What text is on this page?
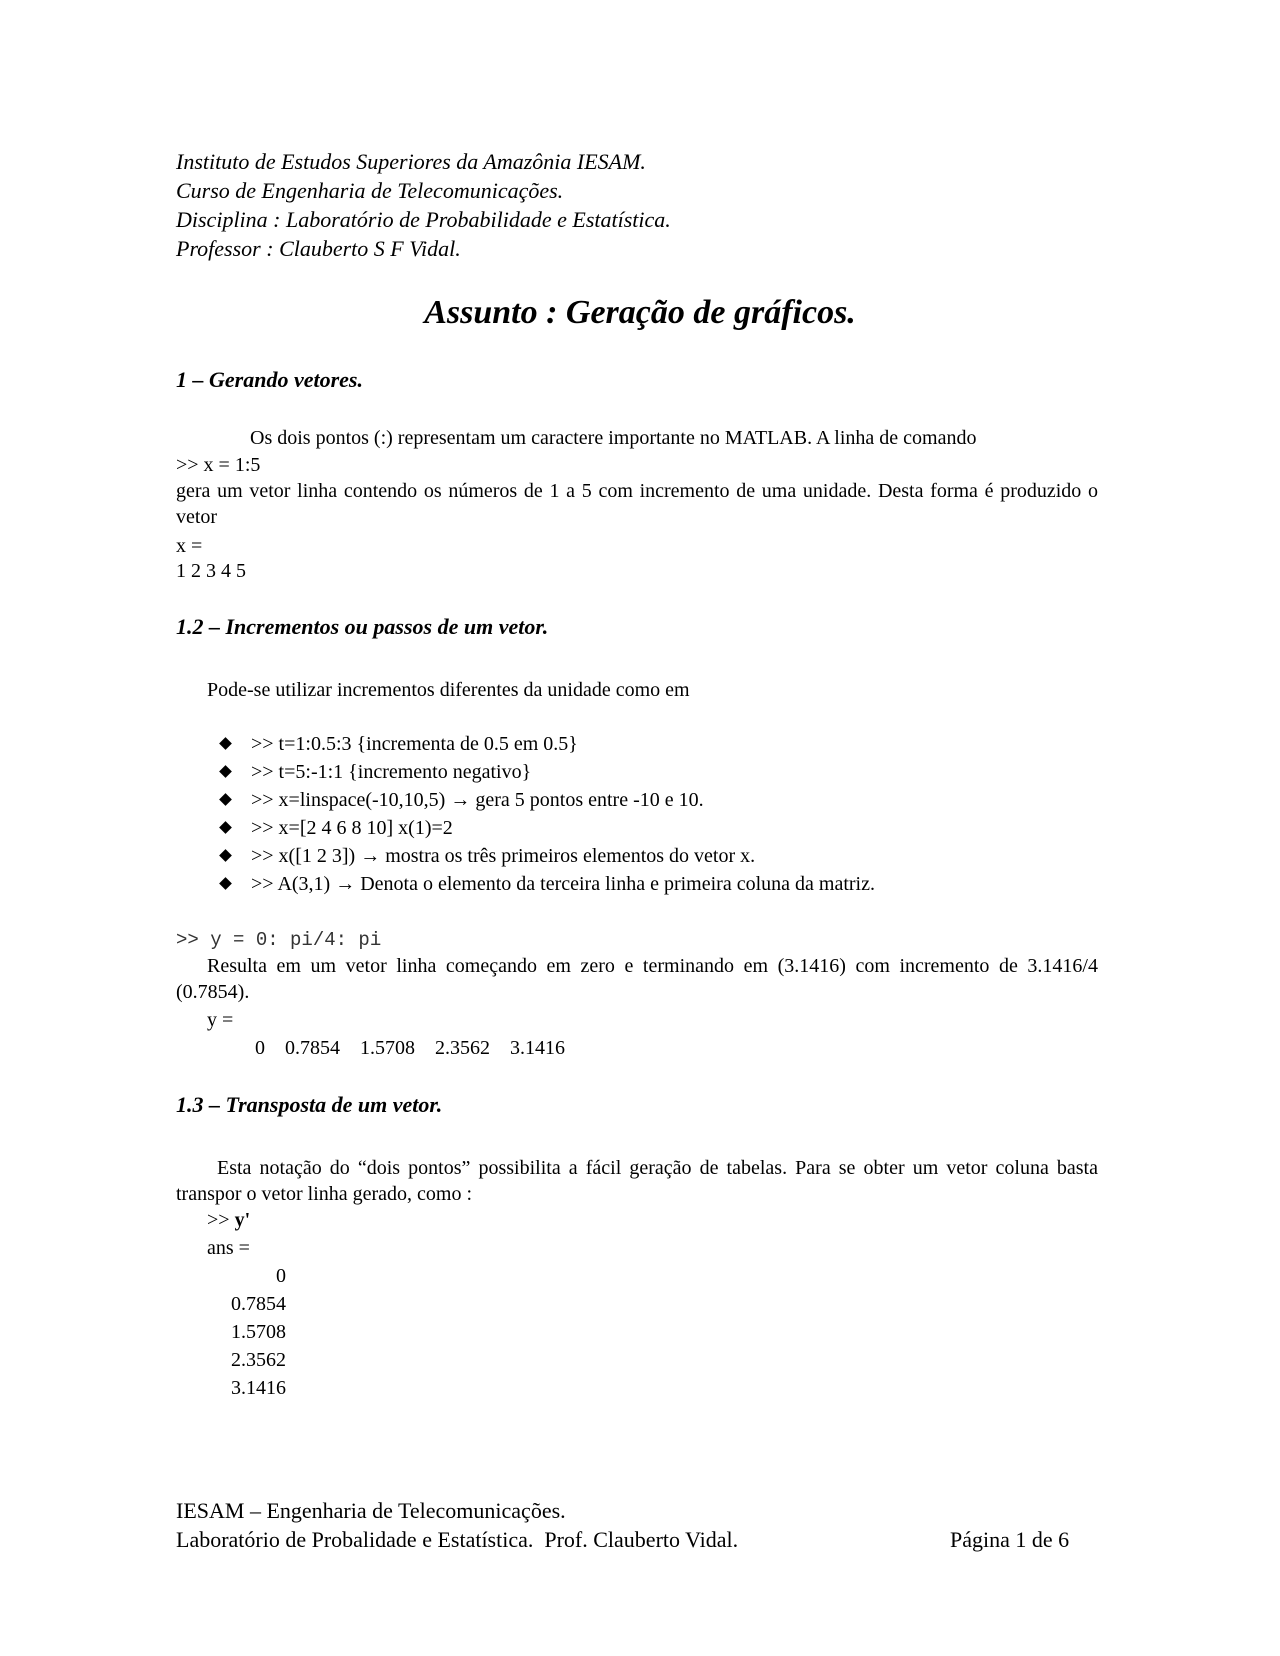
Instituto de Estudos Superiores da Amazônia IESAM.
Curso de Engenharia de Telecomunicações.
Disciplina : Laboratório de Probabilidade e Estatística.
Professor : Clauberto S F Vidal.
Assunto : Geração de gráficos.
1 – Gerando vetores.
Os dois pontos (:) representam um caractere importante no MATLAB. A linha de comando
>> x = 1:5
gera um vetor linha contendo os números de 1 a 5 com incremento de uma unidade. Desta forma é produzido o vetor
x =
1 2 3 4 5
1.2 – Incrementos ou passos de um vetor.
Pode-se utilizar incrementos diferentes da unidade como em
>> t=1:0.5:3 {incrementa de 0.5 em 0.5}
>> t=5:-1:1 {incremento negativo}
>> x=linspace(-10,10,5) → gera 5 pontos entre -10 e 10.
>> x=[2 4 6 8 10] x(1)=2
>> x([1 2 3]) → mostra os três primeiros elementos do vetor x.
>> A(3,1) → Denota o elemento da terceira linha e primeira coluna da matriz.
>> y = 0: pi/4: pi
Resulta em um vetor linha começando em zero e terminando em (3.1416) com incremento de 3.1416/4 (0.7854).
y =
0    0.7854    1.5708    2.3562    3.1416
1.3 – Transposta de um vetor.
Esta notação do “dois pontos” possibilita a fácil geração de tabelas. Para se obter um vetor coluna basta transpor o vetor linha gerado, como :
>> y'
ans =
0
0.7854
1.5708
2.3562
3.1416
IESAM – Engenharia de Telecomunicações.
Laboratório de Probalidade e Estatística.  Prof. Clauberto Vidal.	Página 1 de 6
